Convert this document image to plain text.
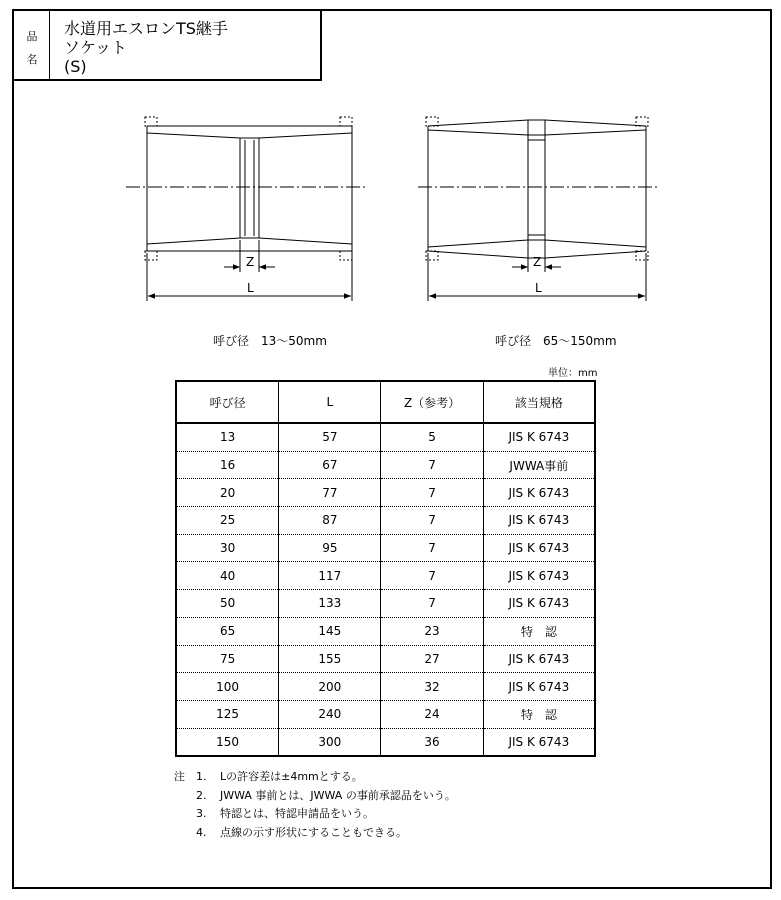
品
名
水道用エスロンTS継手
ソケット
(S)
Z
L
Z
L
呼び径　13〜50mm	呼び径　65〜150mm
単位：mm
呼び径	L	Z（参考）	該当規格
13	57	5	JIS K 6743
16	67	7	JWWA事前
20	77	7	JIS K 6743
25	87	7	JIS K 6743
30	95	7	JIS K 6743
40	117	7	JIS K 6743
50	133	7	JIS K 6743
65	145	23	特　認
75	155	27	JIS K 6743
100	200	32	JIS K 6743
125	240	24	特　認
150	300	36	JIS K 6743
注	1.	Lの許容差は±4mmとする。
2.	JWWA 事前とは、JWWA の事前承認品をいう。
3.	特認とは、特認申請品をいう。
4.	点線の示す形状にすることもできる。
